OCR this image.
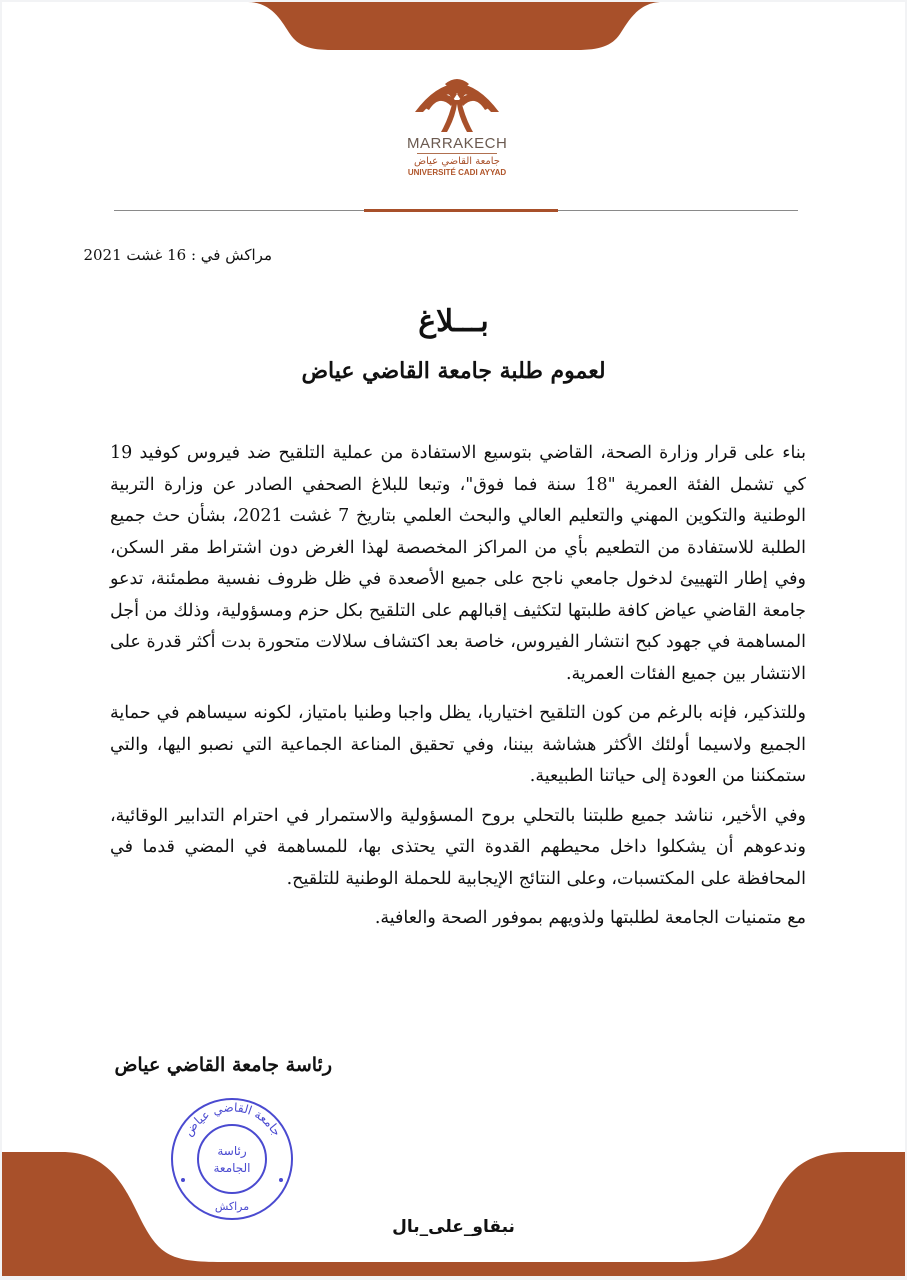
MARRAKECH
جامعة القاضي عياض
UNIVERSITÉ CADI AYYAD
مراكش في : 16 غشت 2021
بـــلاغ
لعموم طلبة جامعة القاضي عياض

بناء على قرار وزارة الصحة، القاضي بتوسيع الاستفادة من عملية التلقيح ضد فيروس كوفيد 19 كي تشمل الفئة العمرية "18 سنة فما فوق"، وتبعا للبلاغ الصحفي الصادر عن وزارة التربية الوطنية والتكوين المهني والتعليم العالي والبحث العلمي بتاريخ 7 غشت 2021، بشأن حث جميع الطلبة للاستفادة من التطعيم بأي من المراكز المخصصة لهذا الغرض دون اشتراط مقر السكن، وفي إطار التهييئ لدخول جامعي ناجح على جميع الأصعدة في ظل ظروف نفسية مطمئنة، تدعو جامعة القاضي عياض كافة طلبتها لتكثيف إقبالهم على التلقيح بكل حزم ومسؤولية، وذلك من أجل المساهمة في جهود كبح انتشار الفيروس، خاصة بعد اكتشاف سلالات متحورة بدت أكثر قدرة على الانتشار بين جميع الفئات العمرية.

وللتذكير، فإنه بالرغم من كون التلقيح اختياريا، يظل واجبا وطنيا بامتياز، لكونه سيساهم في حماية الجميع ولاسيما أولئك الأكثر هشاشة بيننا، وفي تحقيق المناعة الجماعية التي نصبو اليها، والتي ستمكننا من العودة إلى حياتنا الطبيعية.

وفي الأخير، نناشد جميع طلبتنا بالتحلي بروح المسؤولية والاستمرار في احترام التدابير الوقائية، وندعوهم أن يشكلوا داخل محيطهم القدوة التي يحتذى بها، للمساهمة في المضي قدما في المحافظة على المكتسبات، وعلى النتائج الإيجابية للحملة الوطنية للتلقيح.

مع متمنيات الجامعة لطلبتها ولذويهم بموفور الصحة والعافية.

رئاسة جامعة القاضي عياض
جامعة القاضي عياض
رئاسة
الجامعة
مراكش
نبقاو_على_بال
